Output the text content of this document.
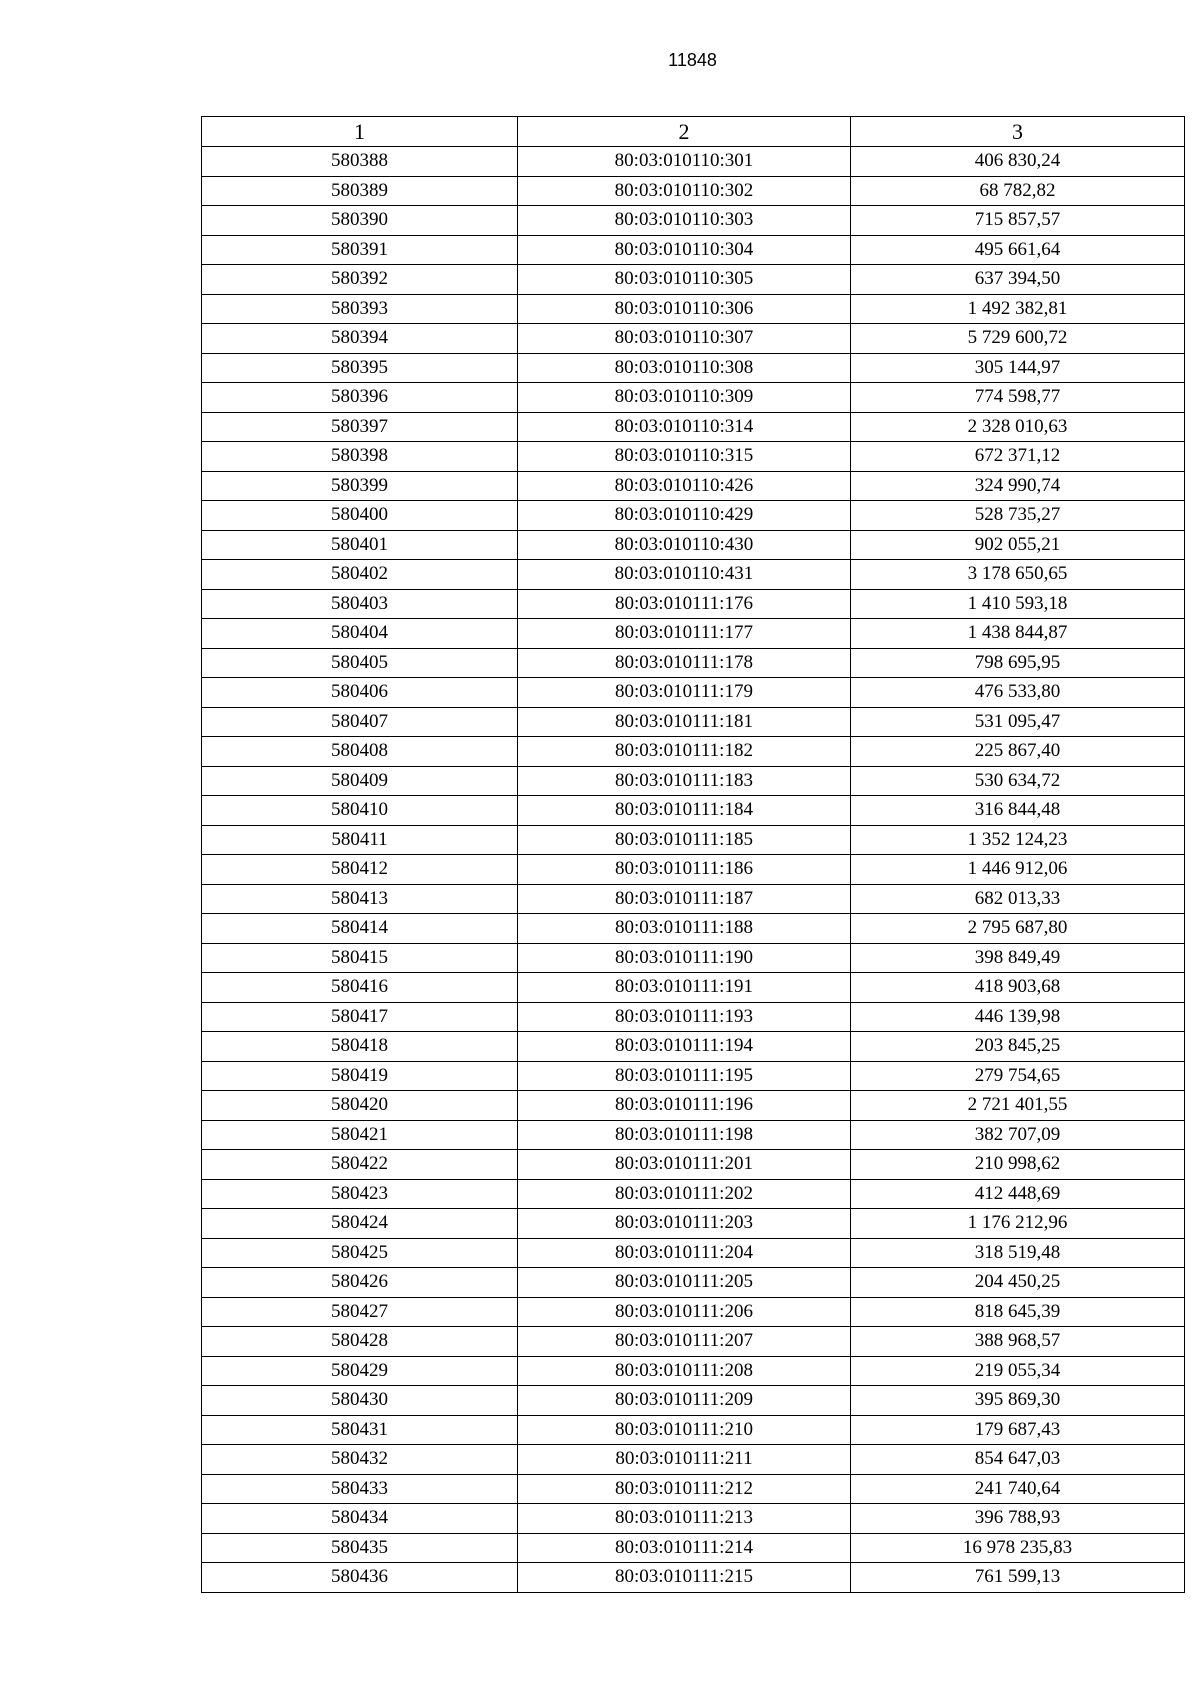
11848
1	2	3
580388	80:03:010110:301	406 830,24
580389	80:03:010110:302	68 782,82
580390	80:03:010110:303	715 857,57
580391	80:03:010110:304	495 661,64
580392	80:03:010110:305	637 394,50
580393	80:03:010110:306	1 492 382,81
580394	80:03:010110:307	5 729 600,72
580395	80:03:010110:308	305 144,97
580396	80:03:010110:309	774 598,77
580397	80:03:010110:314	2 328 010,63
580398	80:03:010110:315	672 371,12
580399	80:03:010110:426	324 990,74
580400	80:03:010110:429	528 735,27
580401	80:03:010110:430	902 055,21
580402	80:03:010110:431	3 178 650,65
580403	80:03:010111:176	1 410 593,18
580404	80:03:010111:177	1 438 844,87
580405	80:03:010111:178	798 695,95
580406	80:03:010111:179	476 533,80
580407	80:03:010111:181	531 095,47
580408	80:03:010111:182	225 867,40
580409	80:03:010111:183	530 634,72
580410	80:03:010111:184	316 844,48
580411	80:03:010111:185	1 352 124,23
580412	80:03:010111:186	1 446 912,06
580413	80:03:010111:187	682 013,33
580414	80:03:010111:188	2 795 687,80
580415	80:03:010111:190	398 849,49
580416	80:03:010111:191	418 903,68
580417	80:03:010111:193	446 139,98
580418	80:03:010111:194	203 845,25
580419	80:03:010111:195	279 754,65
580420	80:03:010111:196	2 721 401,55
580421	80:03:010111:198	382 707,09
580422	80:03:010111:201	210 998,62
580423	80:03:010111:202	412 448,69
580424	80:03:010111:203	1 176 212,96
580425	80:03:010111:204	318 519,48
580426	80:03:010111:205	204 450,25
580427	80:03:010111:206	818 645,39
580428	80:03:010111:207	388 968,57
580429	80:03:010111:208	219 055,34
580430	80:03:010111:209	395 869,30
580431	80:03:010111:210	179 687,43
580432	80:03:010111:211	854 647,03
580433	80:03:010111:212	241 740,64
580434	80:03:010111:213	396 788,93
580435	80:03:010111:214	16 978 235,83
580436	80:03:010111:215	761 599,13
